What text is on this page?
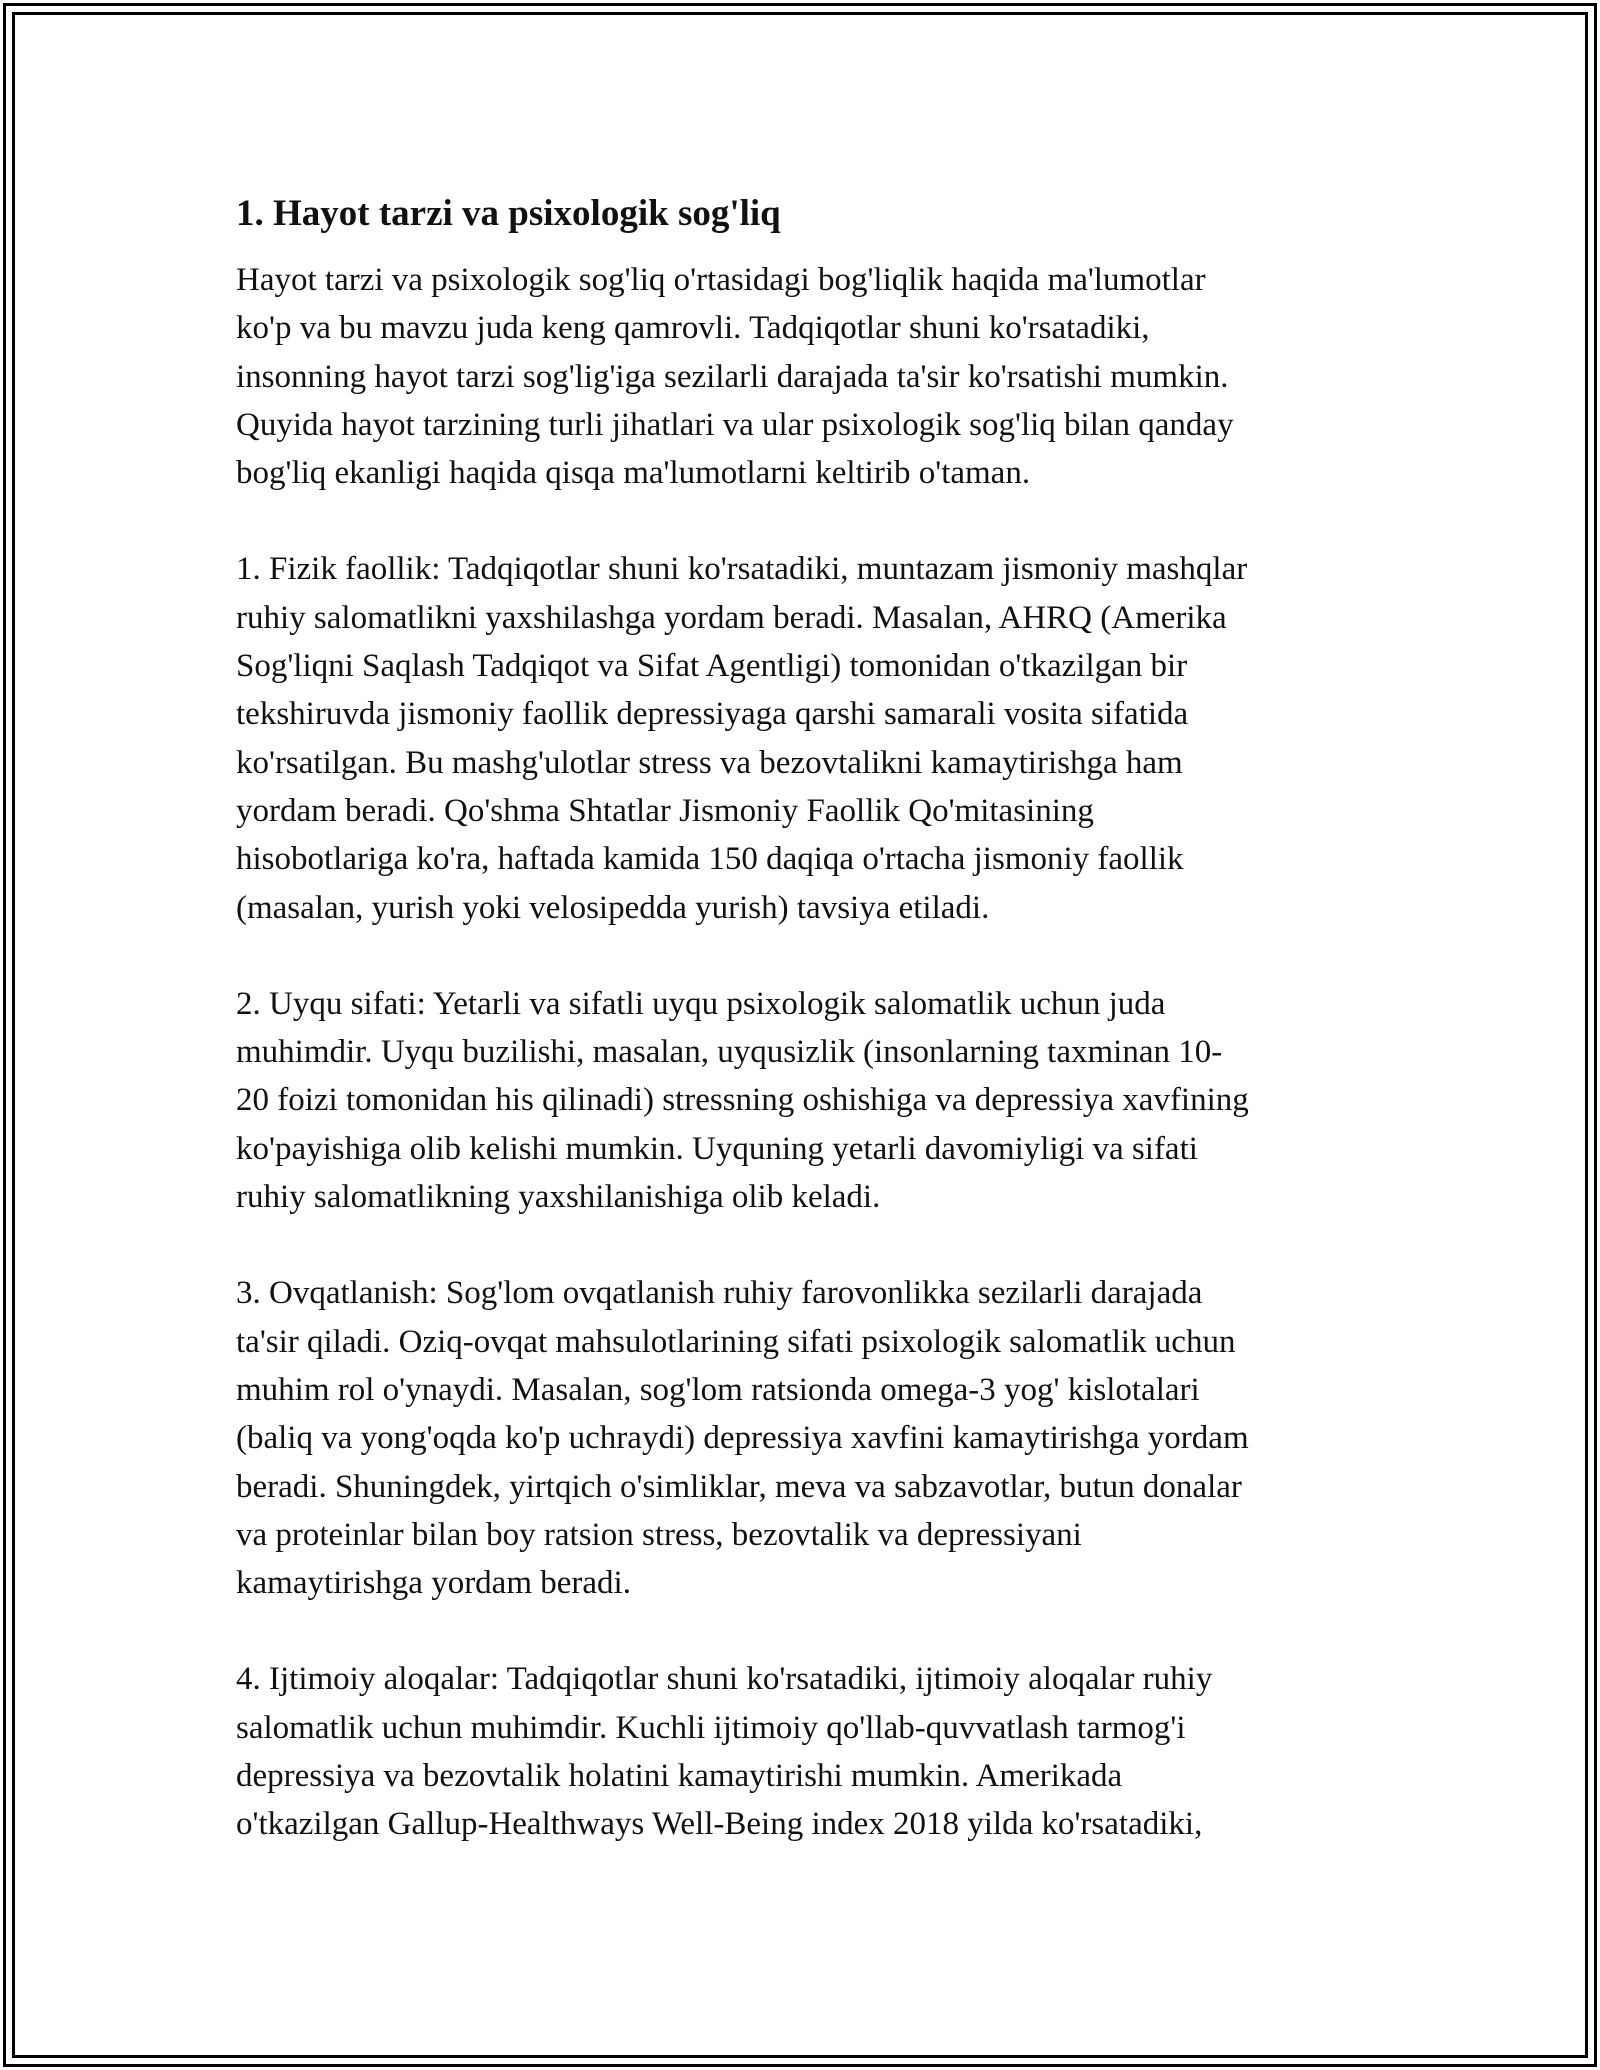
1. Hayot tarzi va psixologik sog'liq

Hayot tarzi va psixologik sog'liq o'rtasidagi bog'liqlik haqida ma'lumotlar
ko'p va bu mavzu juda keng qamrovli. Tadqiqotlar shuni ko'rsatadiki,
insonning hayot tarzi sog'lig'iga sezilarli darajada ta'sir ko'rsatishi mumkin.
Quyida hayot tarzining turli jihatlari va ular psixologik sog'liq bilan qanday
bog'liq ekanligi haqida qisqa ma'lumotlarni keltirib o'taman.

1. Fizik faollik: Tadqiqotlar shuni ko'rsatadiki, muntazam jismoniy mashqlar
ruhiy salomatlikni yaxshilashga yordam beradi. Masalan, AHRQ (Amerika
Sog'liqni Saqlash Tadqiqot va Sifat Agentligi) tomonidan o'tkazilgan bir
tekshiruvda jismoniy faollik depressiyaga qarshi samarali vosita sifatida
ko'rsatilgan. Bu mashg'ulotlar stress va bezovtalikni kamaytirishga ham
yordam beradi. Qo'shma Shtatlar Jismoniy Faollik Qo'mitasining
hisobotlariga ko'ra, haftada kamida 150 daqiqa o'rtacha jismoniy faollik
(masalan, yurish yoki velosipedda yurish) tavsiya etiladi.

2. Uyqu sifati: Yetarli va sifatli uyqu psixologik salomatlik uchun juda
muhimdir. Uyqu buzilishi, masalan, uyqusizlik (insonlarning taxminan 10-
20 foizi tomonidan his qilinadi) stressning oshishiga va depressiya xavfining
ko'payishiga olib kelishi mumkin. Uyquning yetarli davomiyligi va sifati
ruhiy salomatlikning yaxshilanishiga olib keladi.

3. Ovqatlanish: Sog'lom ovqatlanish ruhiy farovonlikka sezilarli darajada
ta'sir qiladi. Oziq-ovqat mahsulotlarining sifati psixologik salomatlik uchun
muhim rol o'ynaydi. Masalan, sog'lom ratsionda omega-3 yog' kislotalari
(baliq va yong'oqda ko'p uchraydi) depressiya xavfini kamaytirishga yordam
beradi. Shuningdek, yirtqich o'simliklar, meva va sabzavotlar, butun donalar
va proteinlar bilan boy ratsion stress, bezovtalik va depressiyani
kamaytirishga yordam beradi.

4. Ijtimoiy aloqalar: Tadqiqotlar shuni ko'rsatadiki, ijtimoiy aloqalar ruhiy
salomatlik uchun muhimdir. Kuchli ijtimoiy qo'llab-quvvatlash tarmog'i
depressiya va bezovtalik holatini kamaytirishi mumkin. Amerikada
o'tkazilgan Gallup-Healthways Well-Being index 2018 yilda ko'rsatadiki,
